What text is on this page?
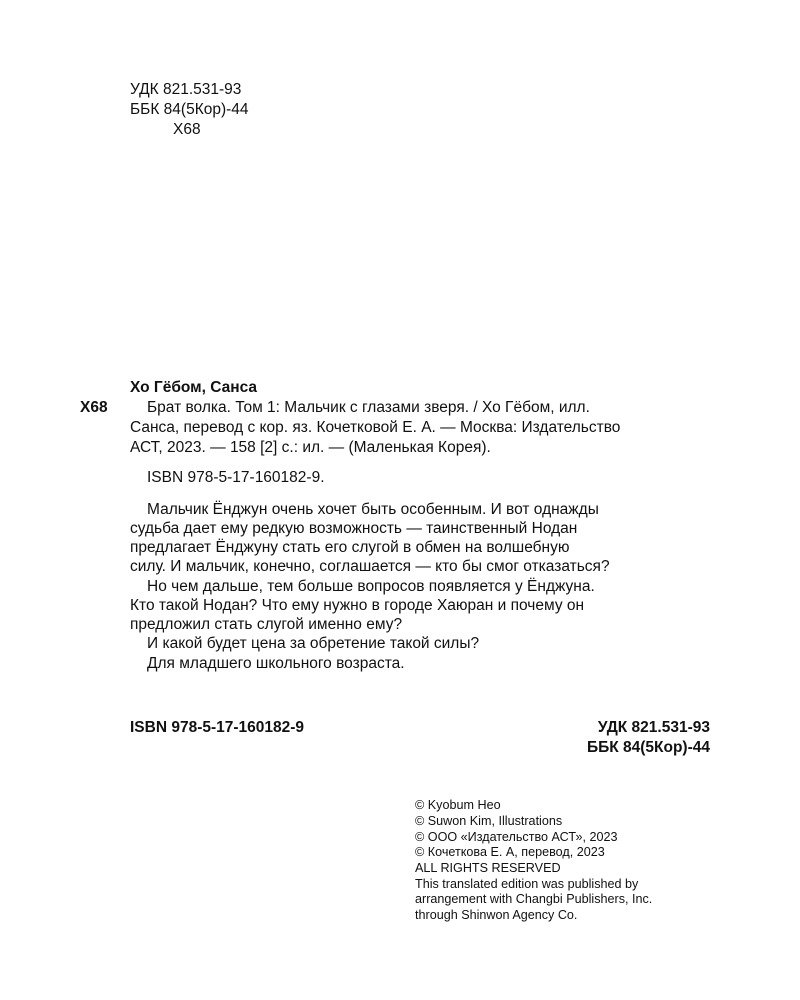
УДК 821.531-93
ББК 84(5Кор)-44
Х68
Хо Гёбом, Санса
Х68	Брат волка. Том 1: Мальчик с глазами зверя. / Хо Гёбом, илл.
Санса, перевод с кор. яз. Кочетковой Е. А. — Москва: Издательство
АСТ, 2023. — 158 [2] с.: ил. — (Маленькая Корея).
ISBN 978-5-17-160182-9.
Мальчик Ёнджун очень хочет быть особенным. И вот однажды
судьба дает ему редкую возможность — таинственный Нодан
предлагает Ёнджуну стать его слугой в обмен на волшебную
силу. И мальчик, конечно, соглашается — кто бы смог отказаться?
Но чем дальше, тем больше вопросов появляется у Ёнджуна.
Кто такой Нодан? Что ему нужно в городе Хаюран и почему он
предложил стать слугой именно ему?
И какой будет цена за обретение такой силы?
Для младшего школьного возраста.
ISBN 978-5-17-160182-9	УДК 821.531-93
ББК 84(5Кор)-44
© Kyobum Heo
© Suwon Kim, Illustrations
© ООО «Издательство АСТ», 2023
© Кочеткова Е. А, перевод, 2023
ALL RIGHTS RESERVED
This translated edition was published by
arrangement with Changbi Publishers, Inc.
through Shinwon Agency Co.
